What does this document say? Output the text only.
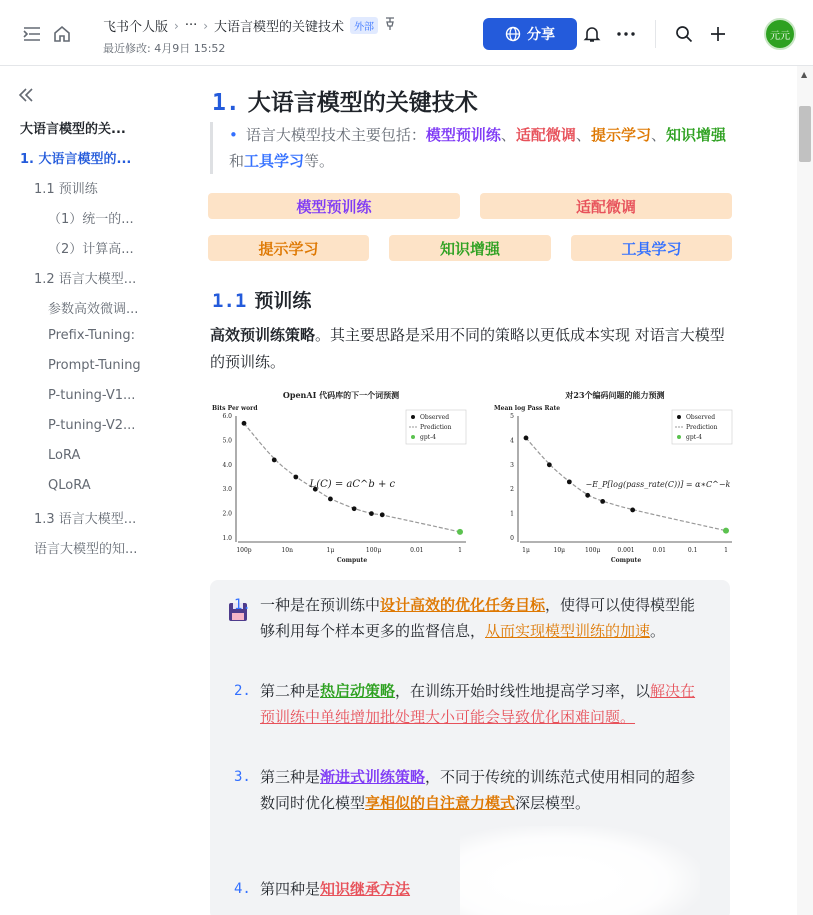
飞书个人版 › ··· › 大语言模型的关键技术	外部
最近修改: 4月9日 15:52
分享	元元
大语言模型的关...
1. 大语言模型的...
1.1 预训练
（1）统一的...
（2）计算高...
1.2 语言大模型...
参数高效微调...
Prefix-Tuning:
Prompt-Tuning
P-tuning-V1...
P-tuning-V2...
LoRA
QLoRA
1.3 语言大模型...
语言大模型的知...
1. 大语言模型的关键技术
• 语言大模型技术主要包括：模型预训练、适配微调、提示学习、知识增强和工具学习等。
模型预训练	适配微调
提示学习	知识增强	工具学习
1.1 预训练
高效预训练策略。其主要思路是采用不同的策略以更低成本实现 对语言大模型的预训练。
OpenAI 代码库的下一个词预测
Bits Per word
Compute
100p	10n	1μ	100μ	0.01	1
1.0
2.0
3.0
4.0
5.0
6.0	Observed
Prediction
gpt-4
L(C) = aC^b + c
对23个编码问题的能力预测
Mean log Pass Rate
Compute
1μ	10μ	100μ	0.001	0.01	0.1	1
0
1
2
3
4
5	Observed
Prediction
gpt-4
−E_P[log(pass_rate(C))] = α∗C^−k
1. 一种是在预训练中设计高效的优化任务目标，使得可以使得模型能够利用每个样本更多的监督信息，从而实现模型训练的加速。
2. 第二种是热启动策略，在训练开始时线性地提高学习率，以解决在预训练中单纯增加批处理大小可能会导致优化困难问题。
3. 第三种是渐进式训练策略，不同于传统的训练范式使用相同的超参数同时优化模型享相似的自注意力模式深层模型。
4. 第四种是知识继承方法
▲
